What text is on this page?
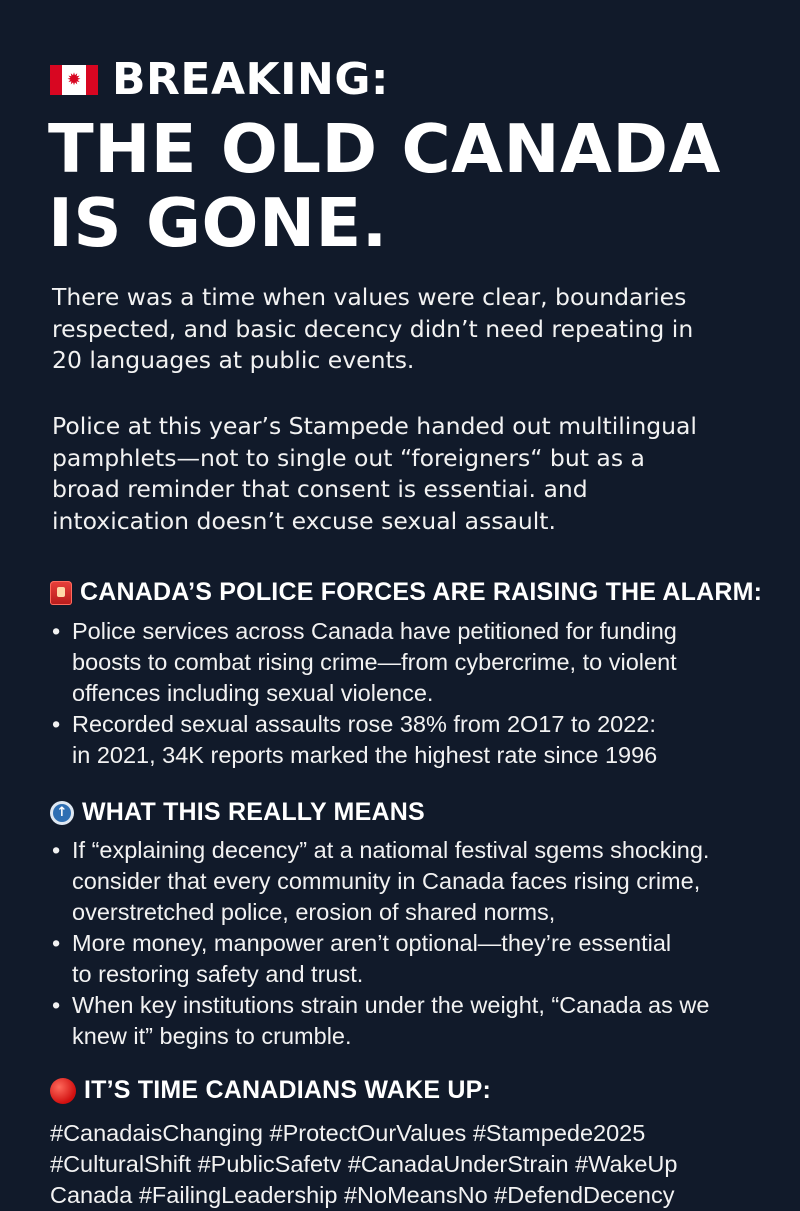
✹ BREAKING:
THE OLD CANADA
IS GONE.

There was a time when values were clear, boundaries
respected, and basic decency didn’t need repeating in
20 languages at public events.

Police at this year’s Stampede handed out multilingual
pamphlets—not to single out “foreigners“ but as a
broad reminder that consent is essentiai. and
intoxication doesn’t excuse sexual assault.

CANADA’S POLICE FORCES ARE RAISING THE ALARM:
• Police services across Canada have petitioned for funding
boosts to combat rising crime—from cybercrime, to violent
offences including sexual violence.
• Recorded sexual assaults rose 38% from 2O17 to 2022:
in 2021, 34K reports marked the highest rate since 1996
↑ WHAT THIS REALLY MEANS
• If “explaining decency” at a natiomal festival sgems shocking.
consider that every community in Canada faces rising crime,
overstretched police, erosion of shared norms,
• More money, manpower aren’t optional—they’re essential
to restoring safety and trust.
• When key institutions strain under the weight, “Canada as we
knew it” begins to crumble.
IT’S TIME CANADIANS WAKE UP:

#CanadaisChanging #ProtectOurValues #Stampede2025
#CulturalShift #PublicSafetv #CanadaUnderStrain #WakeUp
Canada #FailingLeadership #NoMeansNo #DefendDecency
